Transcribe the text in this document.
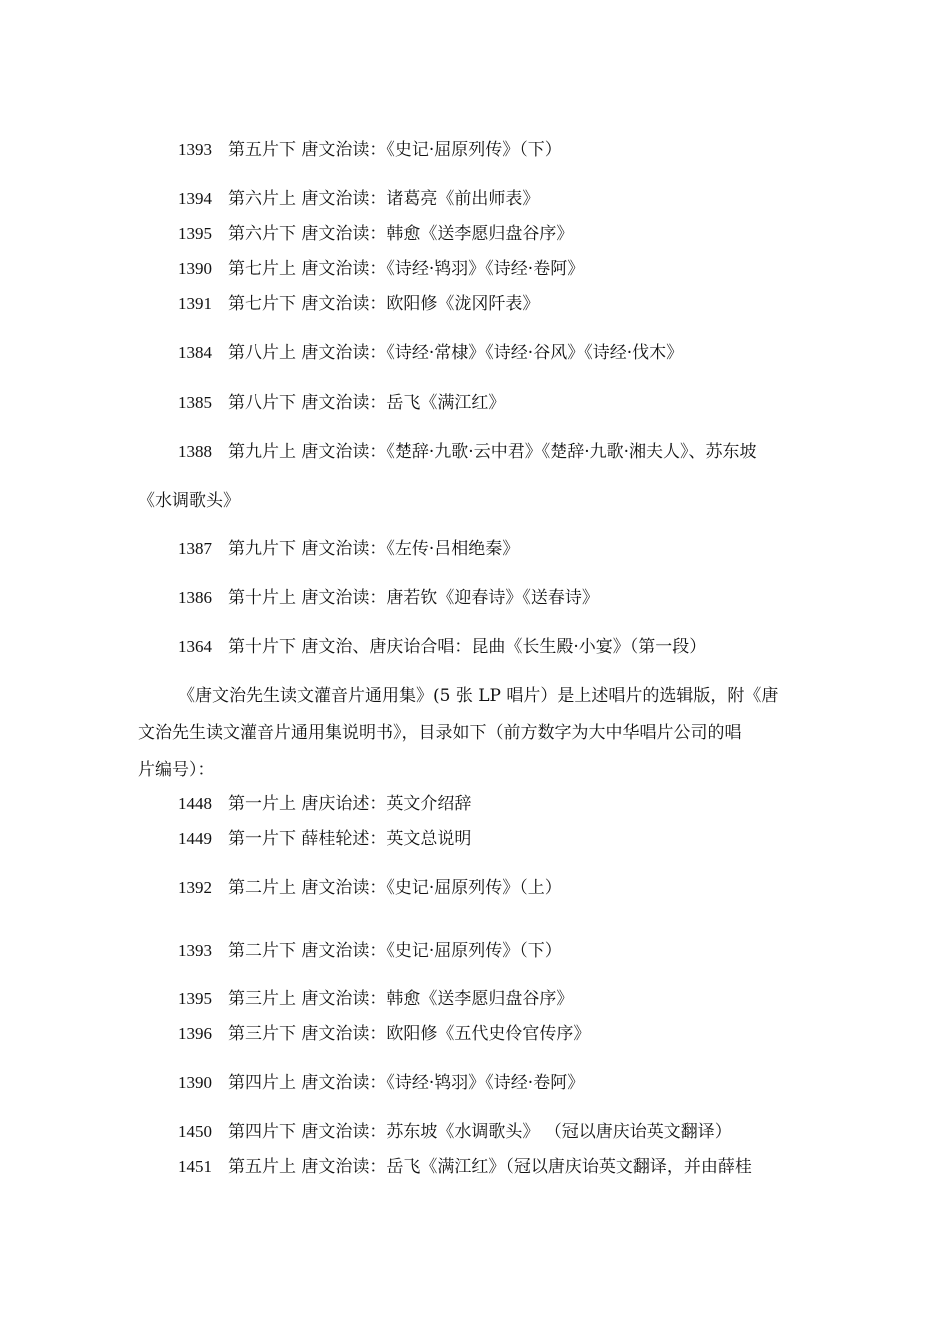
1393 第五片下 唐文治读：《史记·屈原列传》（下）
1394 第六片上 唐文治读：诸葛亮《前出师表》
1395 第六片下 唐文治读：韩愈《送李愿归盘谷序》
1390 第七片上 唐文治读：《诗经·鸨羽》《诗经·卷阿》
1391 第七片下 唐文治读：欧阳修《泷冈阡表》
1384 第八片上 唐文治读：《诗经·常棣》《诗经·谷风》《诗经·伐木》
1385 第八片下 唐文治读：岳飞《满江红》
1388 第九片上 唐文治读：《楚辞·九歌·云中君》《楚辞·九歌·湘夫人》、苏东坡
《水调歌头》
1387 第九片下 唐文治读：《左传·吕相绝秦》
1386 第十片上 唐文治读：唐若钦《迎春诗》《送春诗》
1364 第十片下 唐文治、唐庆诒合唱：昆曲《长生殿·小宴》（第一段）
《唐文治先生读文灌音片通用集》(5 张 LP 唱片）是上述唱片的选辑版，附《唐
文治先生读文灌音片通用集说明书》，目录如下（前方数字为大中华唱片公司的唱
片编号）：
1448 第一片上 唐庆诒述：英文介绍辞
1449 第一片下 薛桂轮述：英文总说明
1392 第二片上 唐文治读：《史记·屈原列传》（上）
1393 第二片下 唐文治读：《史记·屈原列传》（下）
1395 第三片上 唐文治读：韩愈《送李愿归盘谷序》
1396 第三片下 唐文治读：欧阳修《五代史伶官传序》
1390 第四片上 唐文治读：《诗经·鸨羽》《诗经·卷阿》
1450 第四片下 唐文治读：苏东坡《水调歌头》 （冠以唐庆诒英文翻译）
1451 第五片上 唐文治读：岳飞《满江红》（冠以唐庆诒英文翻译，并由薛桂
